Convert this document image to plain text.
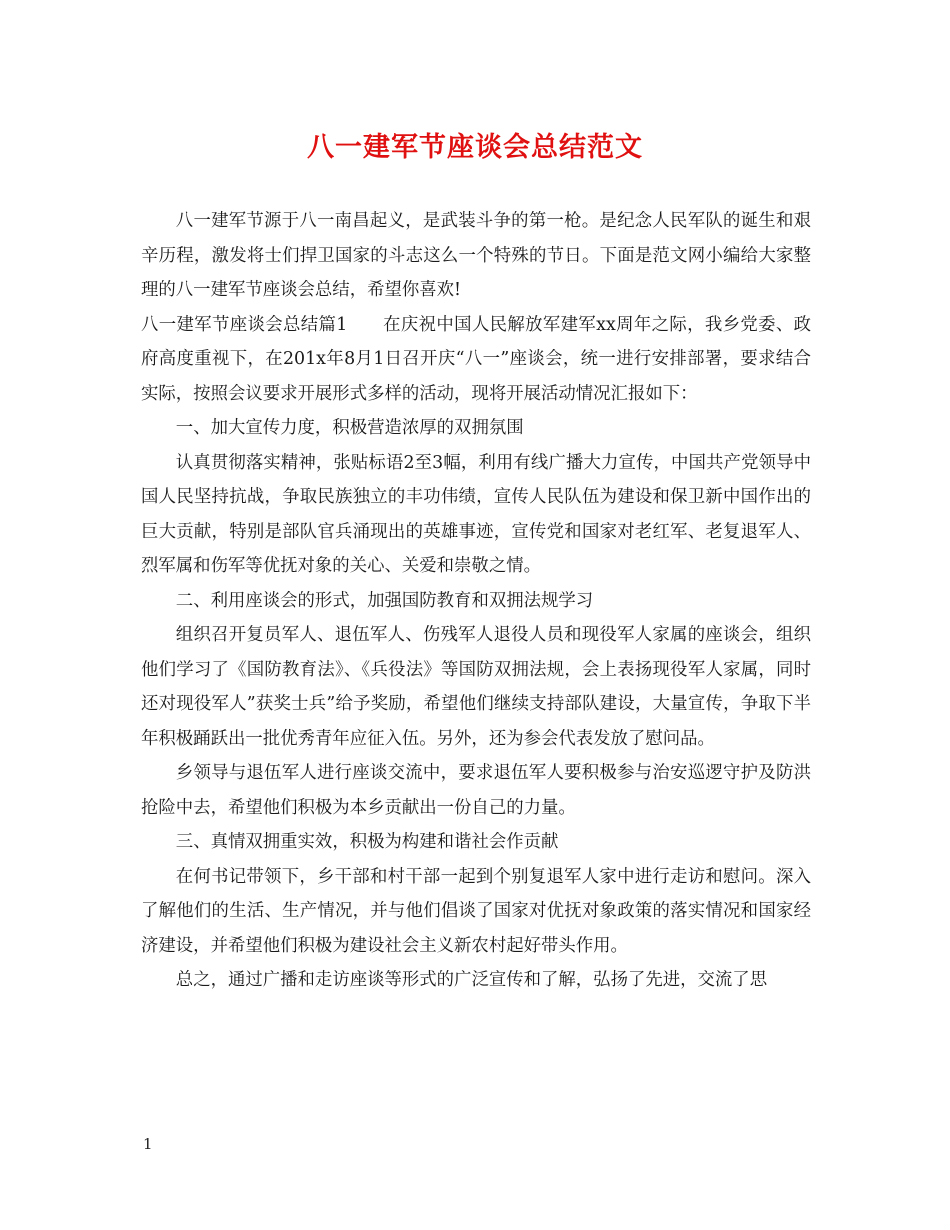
八一建军节座谈会总结范文

八一建军节源于八一南昌起义，是武装斗争的第一枪。是纪念人民军队的诞生和艰辛历程，激发将士们捍卫国家的斗志这么一个特殊的节日。下面是范文网小编给大家整理的八一建军节座谈会总结，希望你喜欢!

八一建军节座谈会总结篇1　　在庆祝中国人民解放军建军xx周年之际，我乡党委、政府高度重视下，在201x年8月1日召开庆“八一”座谈会，统一进行安排部署，要求结合实际，按照会议要求开展形式多样的活动，现将开展活动情况汇报如下：

一、加大宣传力度，积极营造浓厚的双拥氛围

认真贯彻落实精神，张贴标语2至3幅，利用有线广播大力宣传，中国共产党领导中国人民坚持抗战，争取民族独立的丰功伟绩，宣传人民队伍为建设和保卫新中国作出的巨大贡献，特别是部队官兵涌现出的英雄事迹，宣传党和国家对老红军、老复退军人、烈军属和伤军等优抚对象的关心、关爱和崇敬之情。

二、利用座谈会的形式，加强国防教育和双拥法规学习

组织召开复员军人、退伍军人、伤残军人退役人员和现役军人家属的座谈会，组织他们学习了《国防教育法》、《兵役法》等国防双拥法规，会上表扬现役军人家属，同时还对现役军人”获奖士兵”给予奖励，希望他们继续支持部队建设，大量宣传，争取下半年积极踊跃出一批优秀青年应征入伍。另外，还为参会代表发放了慰问品。

乡领导与退伍军人进行座谈交流中，要求退伍军人要积极参与治安巡逻守护及防洪抢险中去，希望他们积极为本乡贡献出一份自己的力量。

三、真情双拥重实效，积极为构建和谐社会作贡献

在何书记带领下，乡干部和村干部一起到个别复退军人家中进行走访和慰问。深入了解他们的生活、生产情况，并与他们倡谈了国家对优抚对象政策的落实情况和国家经济建设，并希望他们积极为建设社会主义新农村起好带头作用。

总之，通过广播和走访座谈等形式的广泛宣传和了解，弘扬了先进，交流了思

1
